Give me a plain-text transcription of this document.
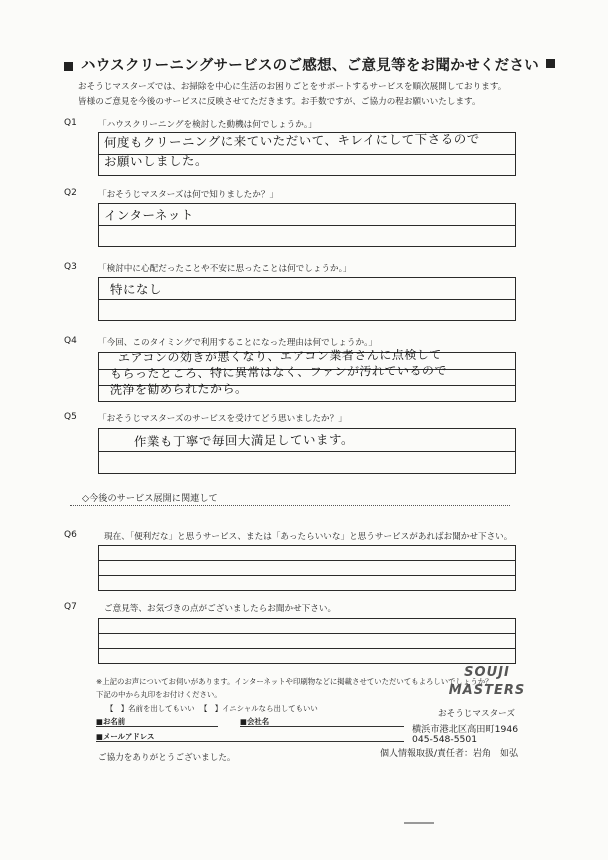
ハウスクリーニングサービスのご感想、ご意見等をお聞かせください
おそうじマスターズでは、お掃除を中心に生活のお困りごとをサポートするサービスを順次展開しております。
皆様のご意見を今後のサービスに反映させてただきます。お手数ですが、ご協力の程お願いいたします。
Q1 「ハウスクリーニングを検討した動機は何でしょうか。」
何度もクリーニングに来ていただいて、キレイにして下さるので
お願いしました。
Q2 「おそうじマスターズは何で知りましたか？」
インターネット
Q3 「検討中に心配だったことや不安に思ったことは何でしょうか。」
特になし
Q4 「今回、このタイミングで利用することになった理由は何でしょうか。」
エアコンの効きが悪くなり、エアコン業者さんに点検して
もらったところ、特に異常はなく、ファンが汚れているので
洗浄を勧められたから。
Q5 「おそうじマスターズのサービスを受けてどう思いましたか？」
作業も丁寧で毎回大満足しています。
◇今後のサービス展開に関連して
Q6	現在、「便利だな」と思うサービス、または「あったらいいな」と思うサービスがあればお聞かせ下さい。
Q7	ご意見等、お気づきの点がございましたらお聞かせ下さい。
※上記のお声についてお伺いがあります。インターネットや印刷物などに掲載させていただいてもよろしいでしょうか？
下記の中から丸印をお付けください。
【　】名前を出してもいい 【　】イニシャルなら出してもいい
■お名前	■会社名
■メールアドレス
SOUJI
MASTERS
おそうじマスターズ
横浜市港北区高田町1946
045-548-5501
個人情報取扱/責任者：岩角　如弘
ご協力をありがとうございました。
